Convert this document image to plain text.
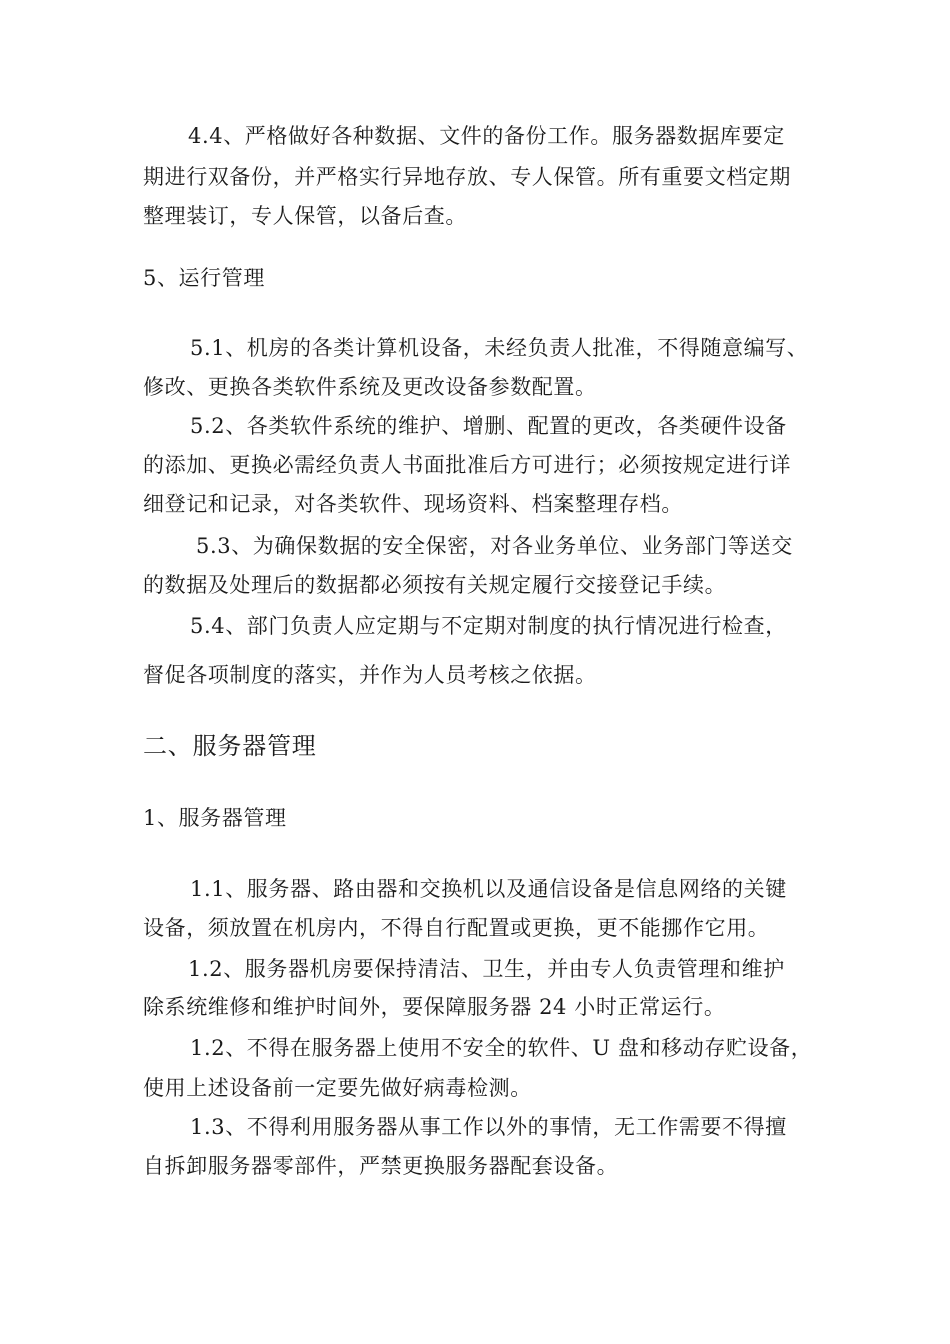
4.4、严格做好各种数据、文件的备份工作。服务器数据库要定
期进行双备份，并严格实行异地存放、专人保管。所有重要文档定期
整理装订，专人保管，以备后查。
5、运行管理
5.1、机房的各类计算机设备，未经负责人批准，不得随意编写、
修改、更换各类软件系统及更改设备参数配置。
5.2、各类软件系统的维护、增删、配置的更改，各类硬件设备
的添加、更换必需经负责人书面批准后方可进行；必须按规定进行详
细登记和记录，对各类软件、现场资料、档案整理存档。
5.3、为确保数据的安全保密，对各业务单位、业务部门等送交
的数据及处理后的数据都必须按有关规定履行交接登记手续。
5.4、部门负责人应定期与不定期对制度的执行情况进行检查，
督促各项制度的落实，并作为人员考核之依据。
二、服务器管理
1、服务器管理
1.1、服务器、路由器和交换机以及通信设备是信息网络的关键
设备，须放置在机房内，不得自行配置或更换，更不能挪作它用。
1.2、服务器机房要保持清洁、卫生，并由专人负责管理和维护
除系统维修和维护时间外，要保障服务器 24 小时正常运行。
1.2、不得在服务器上使用不安全的软件、U 盘和移动存贮设备，
使用上述设备前一定要先做好病毒检测。
1.3、不得利用服务器从事工作以外的事情，无工作需要不得擅
自拆卸服务器零部件，严禁更换服务器配套设备。
